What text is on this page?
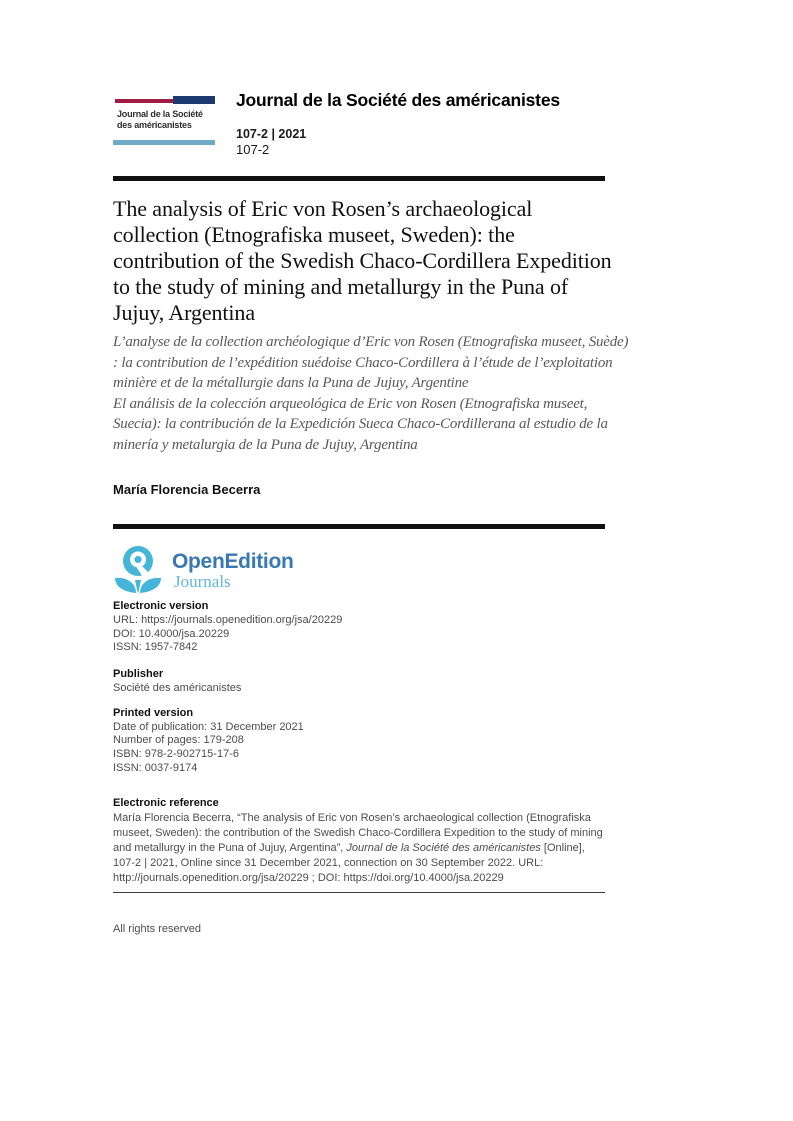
Journal de la Société
des américanistes
Journal de la Société des américanistes
107-2 | 2021
107-2
The analysis of Eric von Rosen’s archaeological collection (Etnografiska museet, Sweden): the contribution of the Swedish Chaco-Cordillera Expedition to the study of mining and metallurgy in the Puna of Jujuy, Argentina

L’analyse de la collection archéologique d’Eric von Rosen (Etnografiska museet, Suède) : la contribution de l’expédition suédoise Chaco-Cordillera à l’étude de l’exploitation minière et de la métallurgie dans la Puna de Jujuy, Argentine

El análisis de la colección arqueológica de Eric von Rosen (Etnografiska museet, Suecia): la contribución de la Expedición Sueca Chaco-Cordillerana al estudio de la minería y metalurgia de la Puna de Jujuy, Argentina

María Florencia Becerra
OpenEdition
Journals

Electronic version

URL: https://journals.openedition.org/jsa/20229

DOI: 10.4000/jsa.20229

ISSN: 1957-7842

Publisher

Société des américanistes

Printed version

Date of publication: 31 December 2021

Number of pages: 179-208

ISBN: 978-2-902715-17-6

ISSN: 0037-9174

Electronic reference

María Florencia Becerra, “The analysis of Eric von Rosen’s archaeological collection (Etnografiska museet, Sweden): the contribution of the Swedish Chaco-Cordillera Expedition to the study of mining and metallurgy in the Puna of Jujuy, Argentina”, Journal de la Société des américanistes [Online], 107-2 | 2021, Online since 31 December 2021, connection on 30 September 2022. URL: http://journals.openedition.org/jsa/20229 ; DOI: https://doi.org/10.4000/jsa.20229

All rights reserved
